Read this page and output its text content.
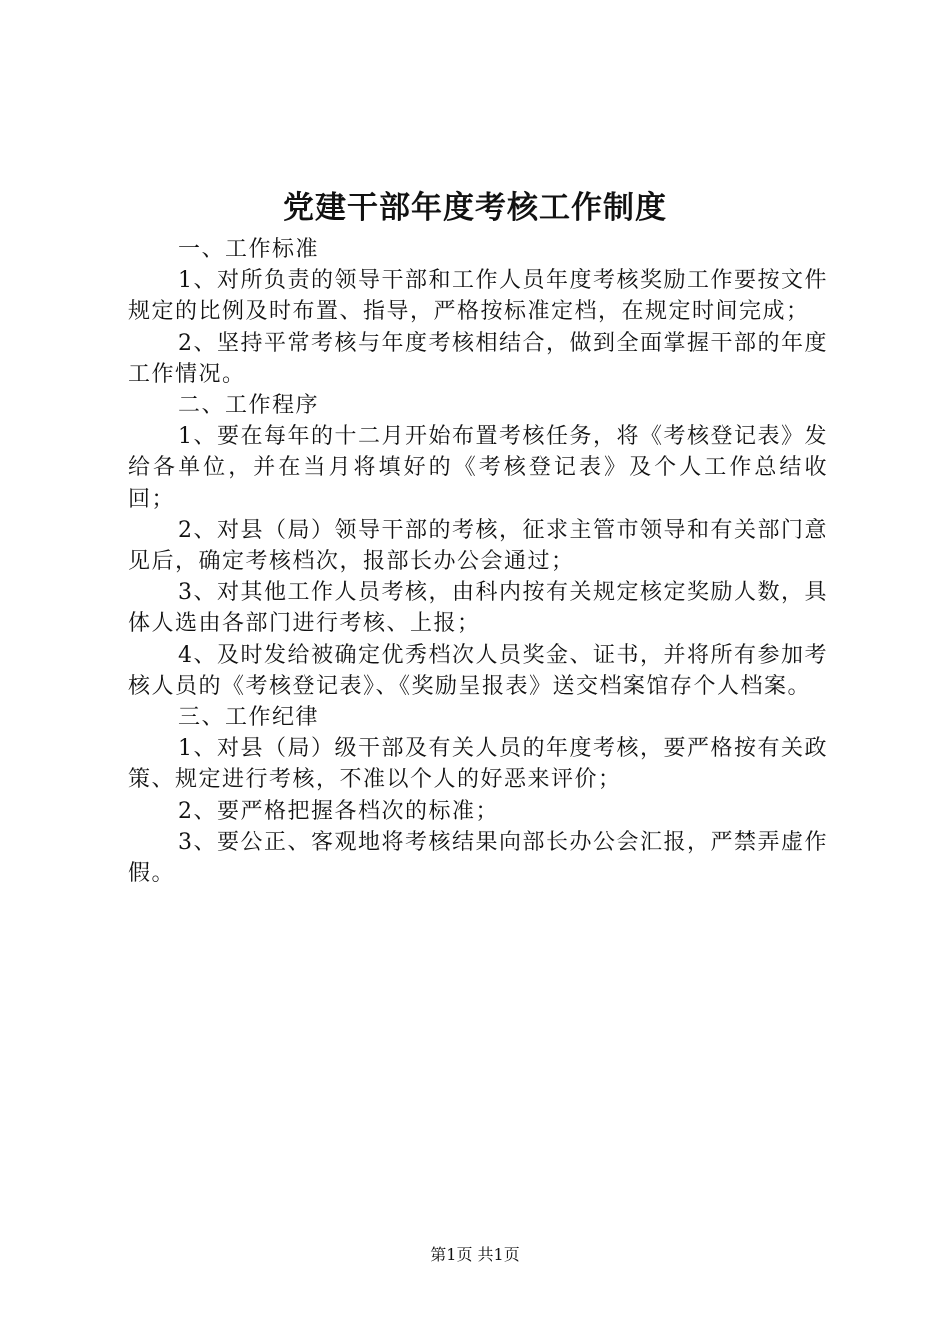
党建干部年度考核工作制度

一、工作标准

1、对所负责的领导干部和工作人员年度考核奖励工作要按文件规定的比例及时布置、指导，严格按标准定档，在规定时间完成；

2、坚持平常考核与年度考核相结合，做到全面掌握干部的年度工作情况。

二、工作程序

1、要在每年的十二月开始布置考核任务，将《考核登记表》发给各单位，并在当月将填好的《考核登记表》及个人工作总结收回；

2、对县（局）领导干部的考核，征求主管市领导和有关部门意见后，确定考核档次，报部长办公会通过；

3、对其他工作人员考核，由科内按有关规定核定奖励人数，具体人选由各部门进行考核、上报；

4、及时发给被确定优秀档次人员奖金、证书，并将所有参加考核人员的《考核登记表》、《奖励呈报表》送交档案馆存个人档案。

三、工作纪律

1、对县（局）级干部及有关人员的年度考核，要严格按有关政策、规定进行考核，不准以个人的好恶来评价；

2、要严格把握各档次的标准；

3、要公正、客观地将考核结果向部长办公会汇报，严禁弄虚作假。

第1页 共1页
